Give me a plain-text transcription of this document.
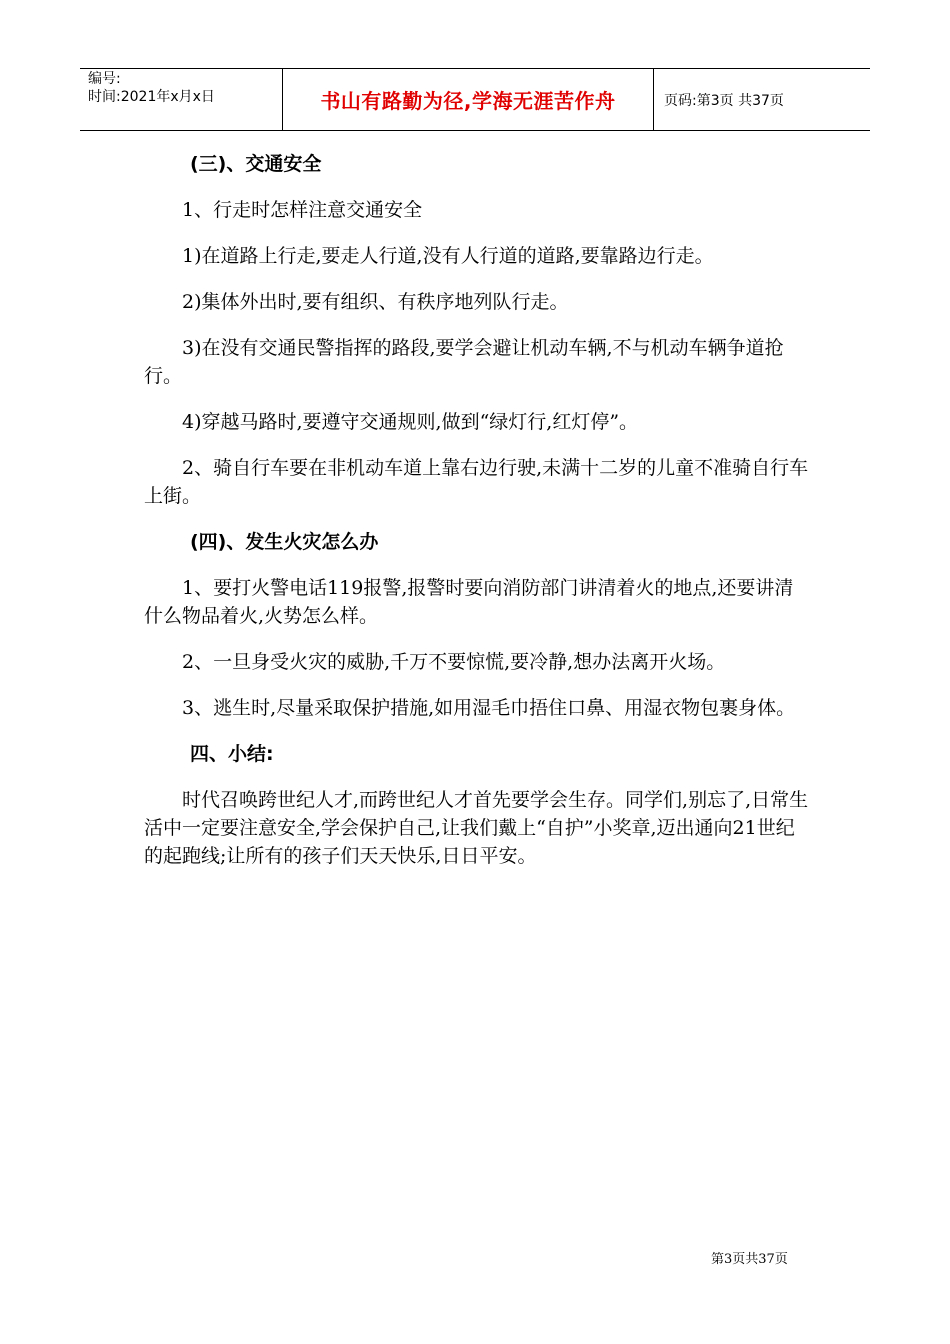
编号:
时间:2021年x月x日	书山有路勤为径,学海无涯苦作舟	页码:第3页 共37页

(三)、交通安全

1、行走时怎样注意交通安全

1)在道路上行走,要走人行道,没有人行道的道路,要靠路边行走。

2)集体外出时,要有组织、有秩序地列队行走。

3)在没有交通民警指挥的路段,要学会避让机动车辆,不与机动车辆争道抢行。

4)穿越马路时,要遵守交通规则,做到“绿灯行,红灯停”。

2、骑自行车要在非机动车道上靠右边行驶,未满十二岁的儿童不准骑自行车上街。

(四)、发生火灾怎么办

1、要打火警电话119报警,报警时要向消防部门讲清着火的地点,还要讲清什么物品着火,火势怎么样。

2、一旦身受火灾的威胁,千万不要惊慌,要冷静,想办法离开火场。

3、逃生时,尽量采取保护措施,如用湿毛巾捂住口鼻、用湿衣物包裹身体。

四、小结:

时代召唤跨世纪人才,而跨世纪人才首先要学会生存。同学们,别忘了,日常生活中一定要注意安全,学会保护自己,让我们戴上“自护”小奖章,迈出通向21世纪的起跑线;让所有的孩子们天天快乐,日日平安。

第3页共37页
